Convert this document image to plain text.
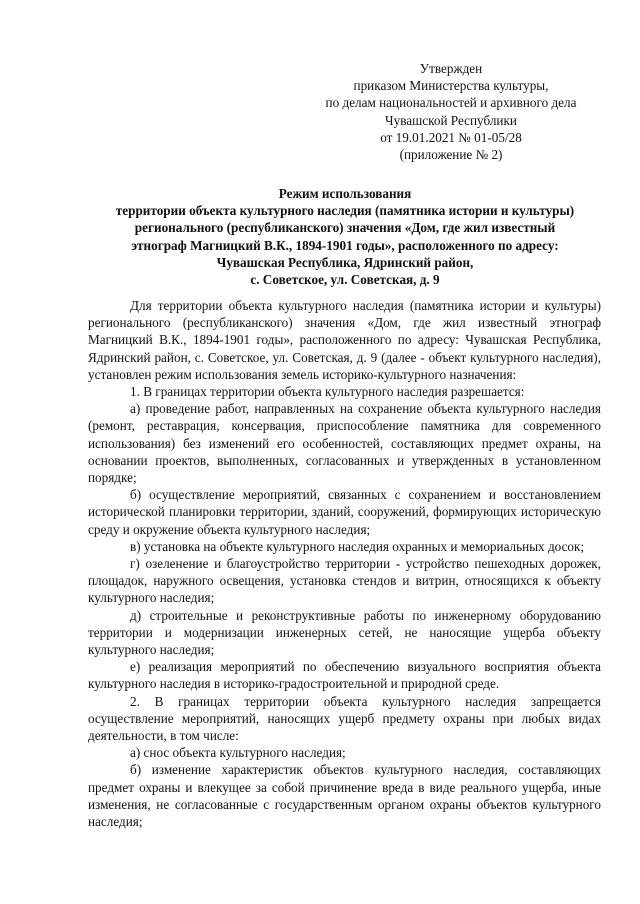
Утвержден
приказом Министерства культуры,
по делам национальностей и архивного дела
Чувашской Республики
от 19.01.2021 № 01-05/28
(приложение № 2)
Режим использования
территории объекта культурного наследия (памятника истории и культуры)
регионального (республиканского) значения «Дом, где жил известный
этнограф Магницкий В.К., 1894-1901 годы», расположенного по адресу:
Чувашская Республика, Ядринский район,
с. Советское, ул. Советская, д. 9

Для территории объекта культурного наследия (памятника истории и культуры) регионального (республиканского) значения «Дом, где жил известный этнограф Магницкий В.К., 1894-1901 годы», расположенного по адресу: Чувашская Республика, Ядринский район, с. Советское, ул. Советская, д. 9 (далее - объект культурного наследия), установлен режим использования земель историко-культурного назначения:

1. В границах территории объекта культурного наследия разрешается:

а) проведение работ, направленных на сохранение объекта культурного наследия (ремонт, реставрация, консервация, приспособление памятника для современного использования) без изменений его особенностей, составляющих предмет охраны, на основании проектов, выполненных, согласованных и утвержденных в установленном порядке;

б) осуществление мероприятий, связанных с сохранением и восстановлением исторической планировки территории, зданий, сооружений, формирующих историческую среду и окружение объекта культурного наследия;

в) установка на объекте культурного наследия охранных и мемориальных досок;

г) озеленение и благоустройство территории - устройство пешеходных дорожек, площадок, наружного освещения, установка стендов и витрин, относящихся к объекту культурного наследия;

д) строительные и реконструктивные работы по инженерному оборудованию территории и модернизации инженерных сетей, не наносящие ущерба объекту культурного наследия;

е) реализация мероприятий по обеспечению визуального восприятия объекта культурного наследия в историко-градостроительной и природной среде.

2. В границах территории объекта культурного наследия запрещается осуществление мероприятий, наносящих ущерб предмету охраны при любых видах деятельности, в том числе:

а) снос объекта культурного наследия;

б) изменение характеристик объектов культурного наследия, составляющих предмет охраны и влекущее за собой причинение вреда в виде реального ущерба, иные изменения, не согласованные с государственным органом охраны объектов культурного наследия;
